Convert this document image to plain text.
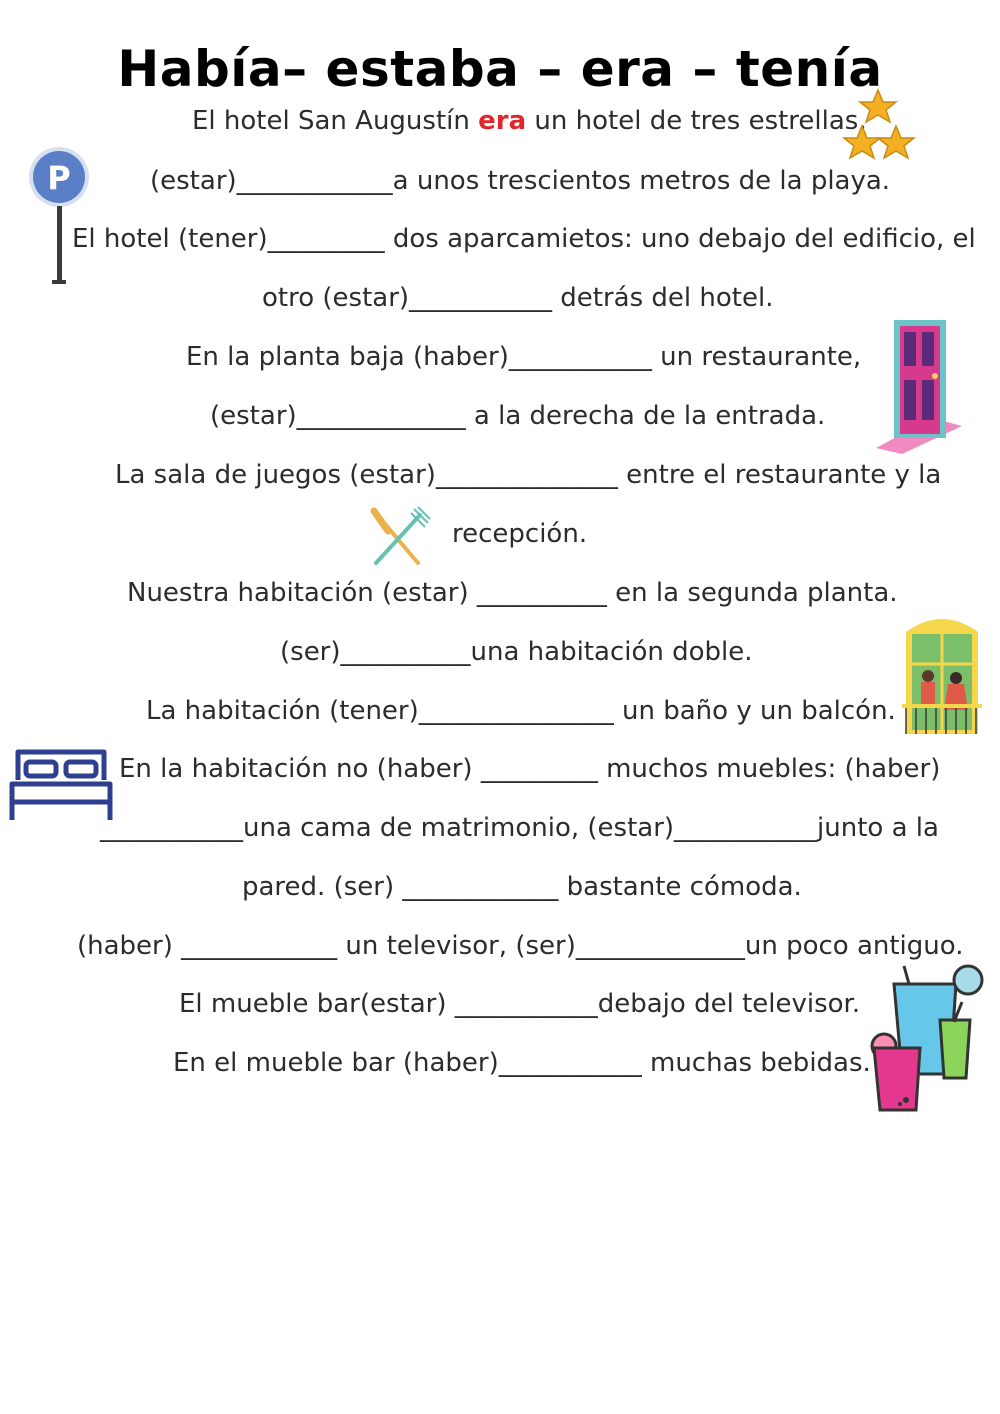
Había– estaba – era – tenía
El hotel San Augustín era un hotel de tres estrellas,
(estar)____________a unos trescientos metros de la playa.
El hotel (tener)_________ dos aparcamietos: uno debajo del edificio, el
otro (estar)___________ detrás del hotel.
En la planta baja (haber)___________ un restaurante,
(estar)_____________ a la derecha de la entrada.
La sala de juegos (estar)______________ entre el restaurante y la
recepción.
Nuestra habitación (estar) __________ en la segunda planta.
(ser)__________una habitación doble.
La habitación (tener)_______________ un baño y un balcón.
En la habitación no (haber) _________ muchos muebles: (haber)
___________una cama de matrimonio, (estar)___________junto a la
pared. (ser) ____________ bastante cómoda.
(haber) ____________ un televisor, (ser)_____________un poco antiguo.
El mueble bar(estar) ___________debajo del televisor.
En el mueble bar (haber)___________ muchas bebidas.
P
